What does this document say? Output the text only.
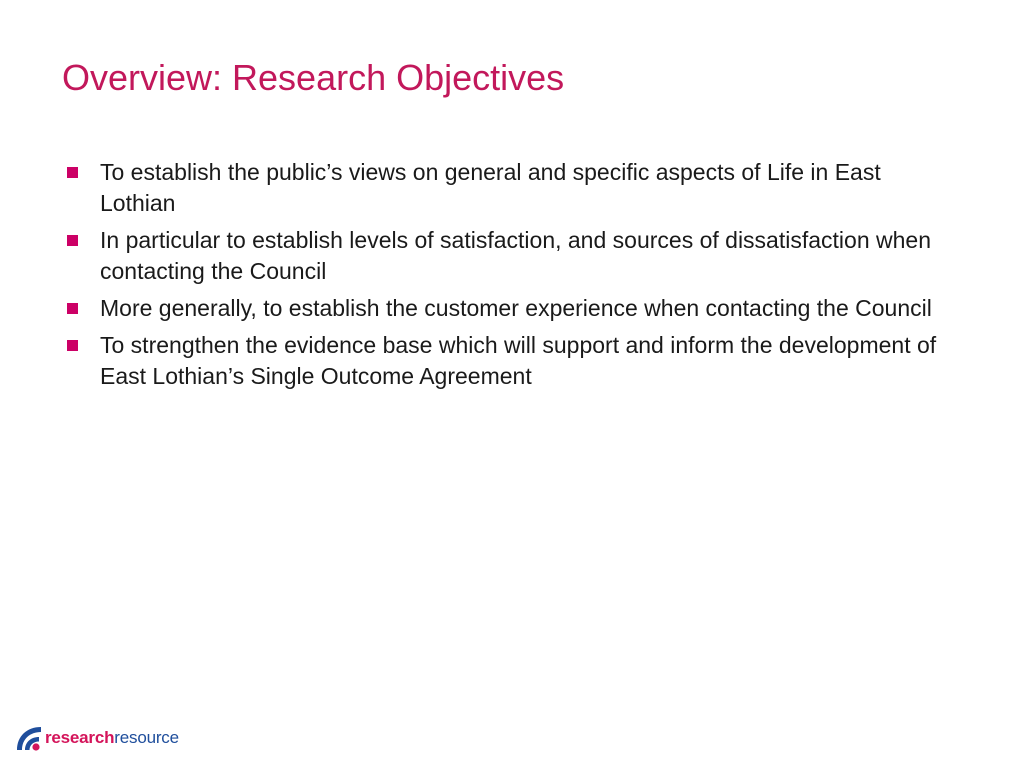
Overview: Research Objectives
To establish the public’s views on general and specific aspects of Life in East Lothian
In particular to establish levels of satisfaction, and sources of dissatisfaction when contacting the Council
More generally, to establish the customer experience when contacting the Council
To strengthen the evidence base which will support and inform the development of East Lothian’s Single Outcome Agreement
researchresource
